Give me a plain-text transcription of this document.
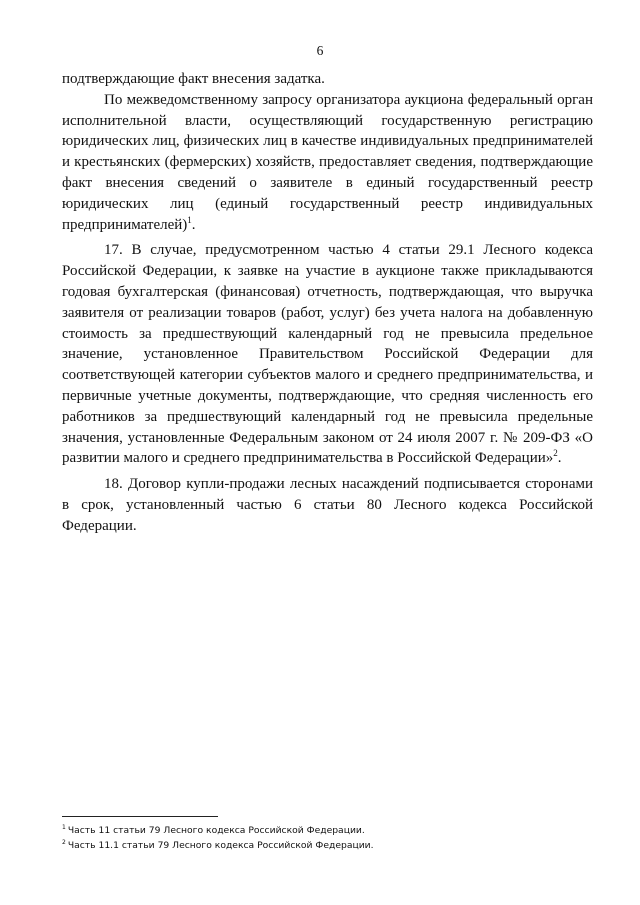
6

подтверждающие факт внесения задатка.

По межведомственному запросу организатора аукциона федеральный орган исполнительной власти, осуществляющий государственную регистрацию юридических лиц, физических лиц в качестве индивидуальных предпринимателей и крестьянских (фермерских) хозяйств, предоставляет сведения, подтверждающие факт внесения сведений о заявителе в единый государственный реестр юридических лиц (единый государственный реестр индивидуальных предпринимателей)$^1$.

17. В случае, предусмотренном частью 4 статьи 29.1 Лесного кодекса Российской Федерации, к заявке на участие в аукционе также прикладываются годовая бухгалтерская (финансовая) отчетность, подтверждающая, что выручка заявителя от реализации товаров (работ, услуг) без учета налога на добавленную стоимость за предшествующий календарный год не превысила предельное значение, установленное Правительством Российской Федерации для соответствующей категории субъектов малого и среднего предпринимательства, и первичные учетные документы, подтверждающие, что средняя численность его работников за предшествующий календарный год не превысила предельные значения, установленные Федеральным законом от 24 июля 2007 г. № 209-ФЗ «О развитии малого и среднего предпринимательства в Российской Федерации»$^2$.

18. Договор купли-продажи лесных насаждений подписывается сторонами в срок, установленный частью 6 статьи 80 Лесного кодекса Российской Федерации.

$^1$ Часть 11 статьи 79 Лесного кодекса Российской Федерации.
$^2$ Часть 11.1 статьи 79 Лесного кодекса Российской Федерации.
